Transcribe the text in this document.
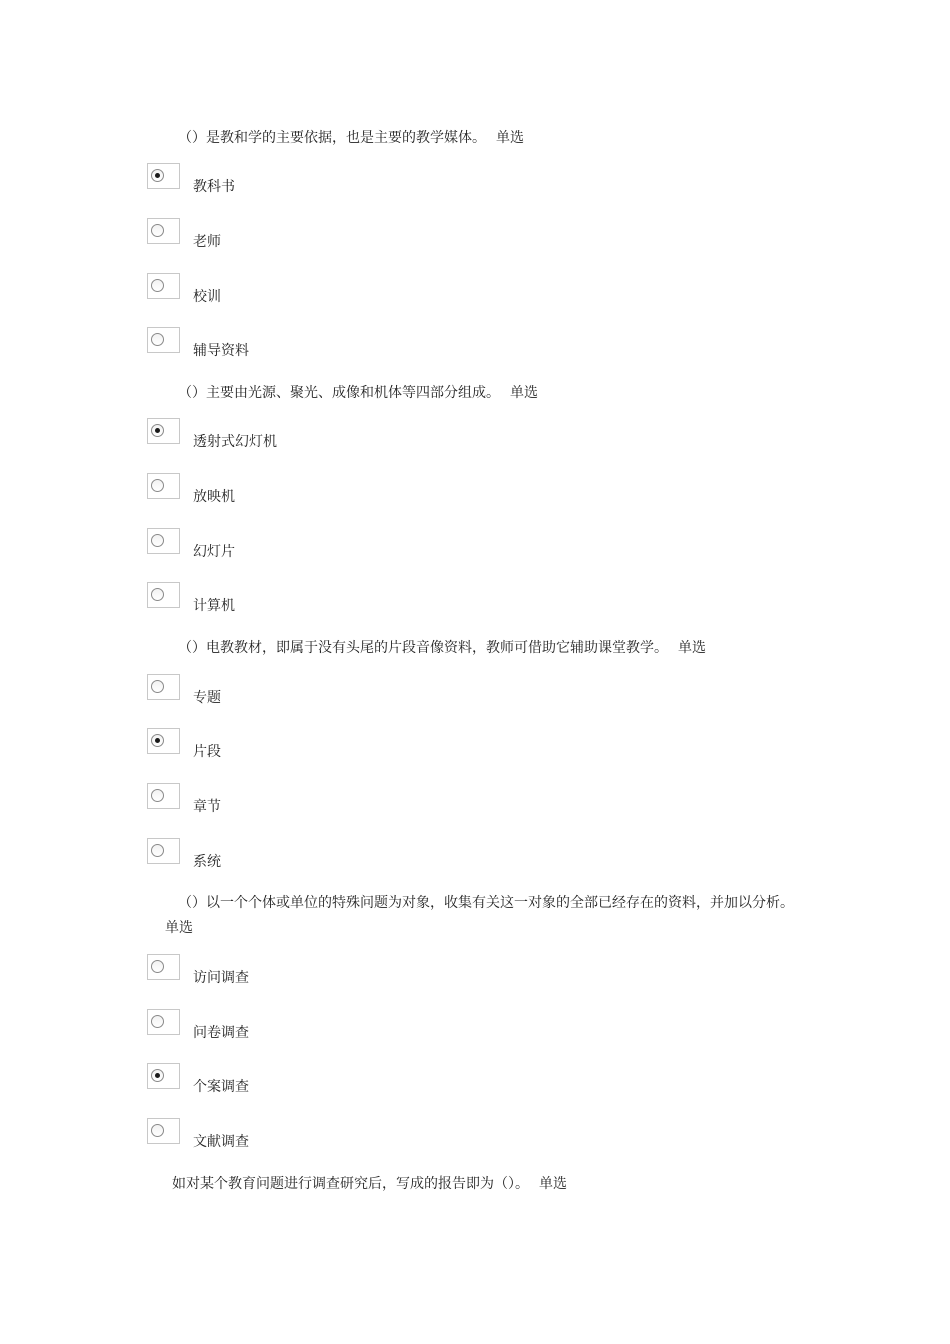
（）是教和学的主要依据，也是主要的教学媒体。 单选
教科书
老师
校训
辅导资料
（）主要由光源、聚光、成像和机体等四部分组成。 单选
透射式幻灯机
放映机
幻灯片
计算机
（）电教教材，即属于没有头尾的片段音像资料，教师可借助它辅助课堂教学。 单选
专题
片段
章节
系统
（）以一个个体或单位的特殊问题为对象，收集有关这一对象的全部已经存在的资料，并加以分析。单选
访问调查
问卷调查
个案调查
文献调查
如对某个教育问题进行调查研究后，写成的报告即为（）。 单选
